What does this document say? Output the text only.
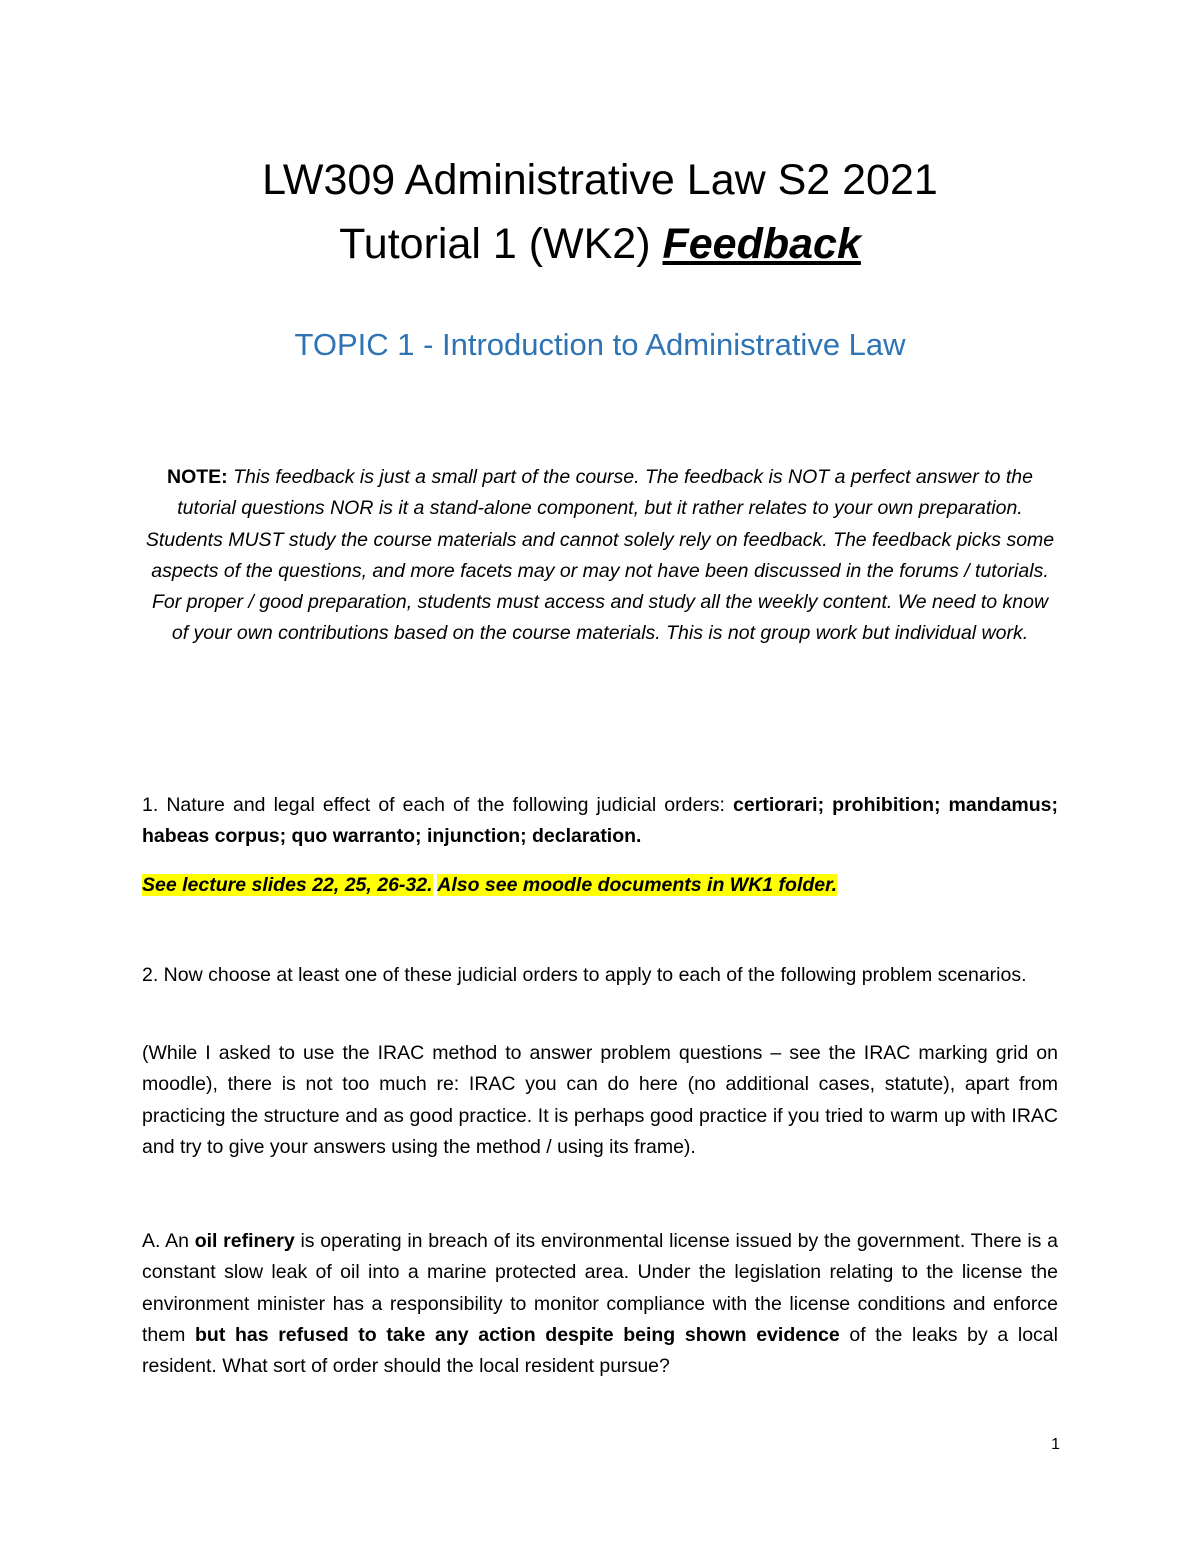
LW309 Administrative Law S2 2021
Tutorial 1 (WK2) Feedback
TOPIC 1 - Introduction to Administrative Law
NOTE: This feedback is just a small part of the course. The feedback is NOT a perfect answer to the tutorial questions NOR is it a stand-alone component, but it rather relates to your own preparation. Students MUST study the course materials and cannot solely rely on feedback. The feedback picks some aspects of the questions, and more facets may or may not have been discussed in the forums / tutorials. For proper / good preparation, students must access and study all the weekly content. We need to know of your own contributions based on the course materials. This is not group work but individual work.
1. Nature and legal effect of each of the following judicial orders: certiorari; prohibition; mandamus; habeas corpus; quo warranto; injunction; declaration.
See lecture slides 22, 25, 26-32. Also see moodle documents in WK1 folder.
2. Now choose at least one of these judicial orders to apply to each of the following problem scenarios.
(While I asked to use the IRAC method to answer problem questions – see the IRAC marking grid on moodle), there is not too much re: IRAC you can do here (no additional cases, statute), apart from practicing the structure and as good practice. It is perhaps good practice if you tried to warm up with IRAC and try to give your answers using the method / using its frame).
A. An oil refinery is operating in breach of its environmental license issued by the government. There is a constant slow leak of oil into a marine protected area. Under the legislation relating to the license the environment minister has a responsibility to monitor compliance with the license conditions and enforce them but has refused to take any action despite being shown evidence of the leaks by a local resident. What sort of order should the local resident pursue?
1
